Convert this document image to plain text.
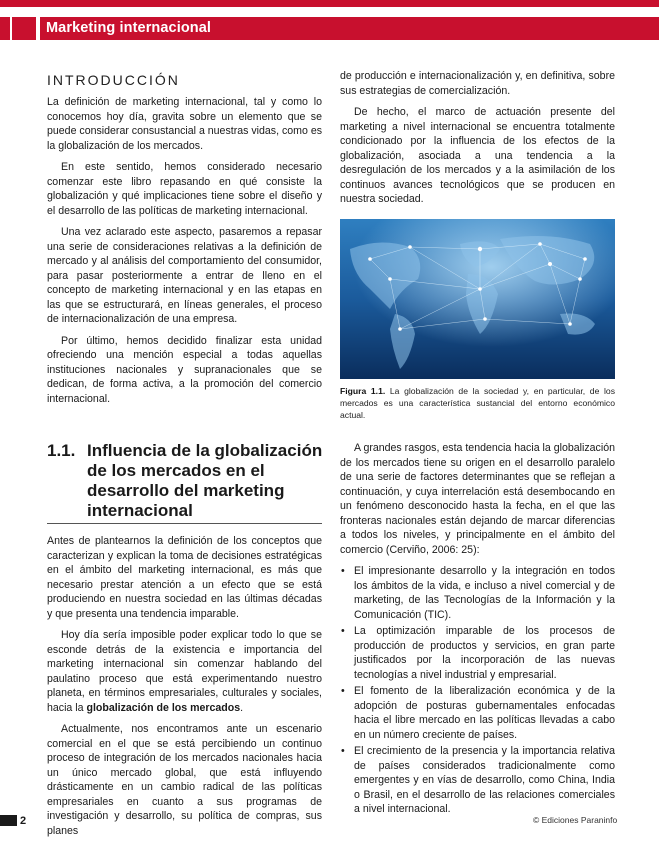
Marketing internacional
INTRODUCCIÓN

La definición de marketing internacional, tal y como lo conocemos hoy día, gravita sobre un elemento que se puede considerar consustancial a nuestras vidas, como es la globalización de los mercados.

En este sentido, hemos considerado necesario comenzar este libro repasando en qué consiste la globalización y qué implicaciones tiene sobre el diseño y el desarrollo de las políticas de marketing internacional.

Una vez aclarado este aspecto, pasaremos a repasar una serie de consideraciones relativas a la definición de mercado y al análisis del comportamiento del consumidor, para pasar posteriormente a entrar de lleno en el concepto de marketing internacional y en las etapas en las que se estructurará, en líneas generales, el proceso de internacionalización de una empresa.

Por último, hemos decidido finalizar esta unidad ofreciendo una mención especial a todas aquellas instituciones nacionales y supranacionales que se dedican, de forma activa, a la promoción del comercio internacional.

de producción e internacionalización y, en definitiva, sobre sus estrategias de comercialización.

De hecho, el marco de actuación presente del marketing a nivel internacional se encuentra totalmente condicionado por la influencia de los efectos de la globalización, asociada a una tendencia a la desregulación de los mercados y a la asimilación de los continuos avances tecnológicos que se producen en nuestra sociedad.

Figura 1.1. La globalización de la sociedad y, en particular, de los mercados es una característica sustancial del entorno económico actual.
1.1. Influencia de la globalización de los mercados en el desarrollo del marketing internacional

Antes de plantearnos la definición de los conceptos que caracterizan y explican la toma de decisiones estratégicas en el ámbito del marketing internacional, es más que necesario prestar atención a un efecto que se está produciendo en nuestra sociedad en las últimas décadas y que presenta una tendencia imparable.

Hoy día sería imposible poder explicar todo lo que se esconde detrás de la existencia e importancia del marketing internacional sin comenzar hablando del paulatino proceso que está experimentando nuestro planeta, en términos empresariales, culturales y sociales, hacia la globalización de los mercados.

Actualmente, nos encontramos ante un escenario comercial en el que se está percibiendo un continuo proceso de integración de los mercados nacionales hacia un único mercado global, que está influyendo drásticamente en un cambio radical de las políticas empresariales en cuanto a sus programas de investigación y desarrollo, su política de compras, sus planes

A grandes rasgos, esta tendencia hacia la globalización de los mercados tiene su origen en el desarrollo paralelo de una serie de factores determinantes que se reflejan a continuación, y cuya interrelación está desembocando en un fenómeno desconocido hasta la fecha, en el que las fronteras nacionales están dejando de marcar diferencias a todos los niveles, y principalmente en el ámbito del comercio (Cerviño, 2006: 25):

• El impresionante desarrollo y la integración en todos los ámbitos de la vida, e incluso a nivel comercial y de marketing, de las Tecnologías de la Información y la Comunicación (TIC).
• La optimización imparable de los procesos de producción de productos y servicios, en gran parte justificados por la incorporación de las nuevas tecnologías a nivel industrial y empresarial.
• El fomento de la liberalización económica y de la adopción de posturas gubernamentales enfocadas hacia el libre mercado en las políticas llevadas a cabo en un número creciente de países.
• El crecimiento de la presencia y la importancia relativa de países considerados tradicionalmente como emergentes y en vías de desarrollo, como China, India o Brasil, en el desarrollo de las relaciones comerciales a nivel internacional.
2	© Ediciones Paraninfo
